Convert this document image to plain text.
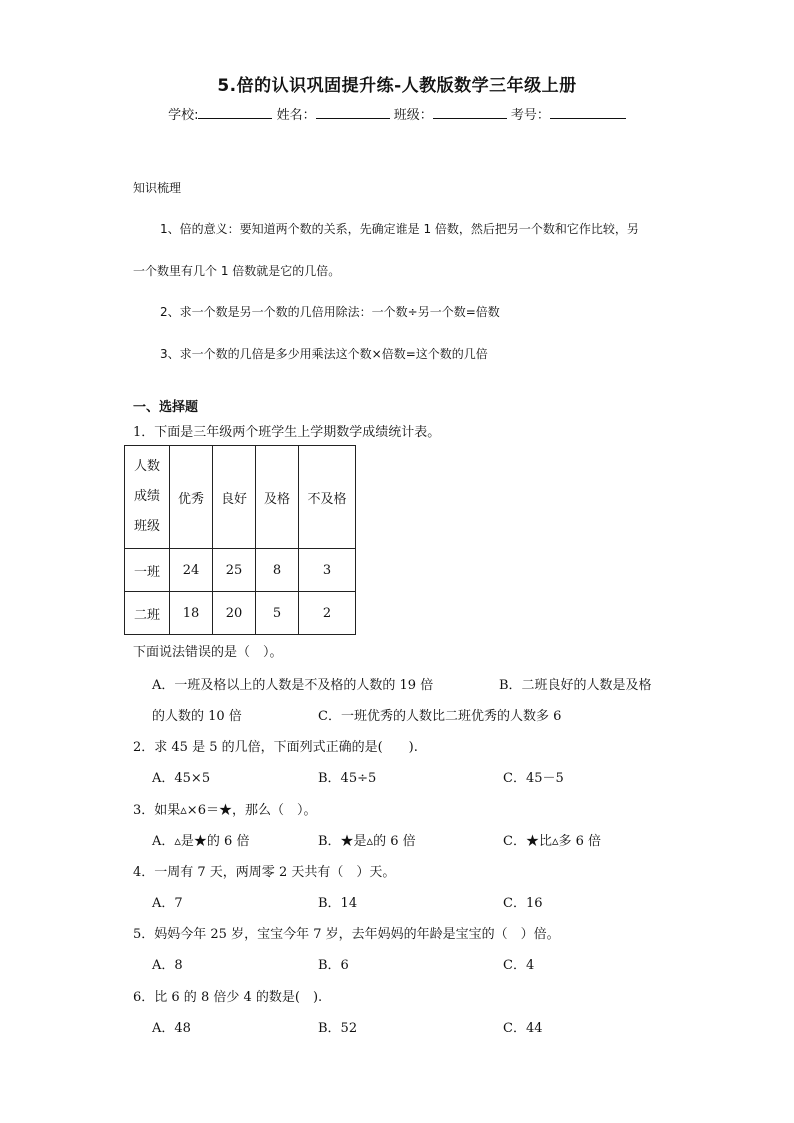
5.倍的认识巩固提升练-人教版数学三年级上册
学校:	姓名：	班级：	考号：
知识梳理
1、倍的意义：要知道两个数的关系，先确定谁是 1 倍数，然后把另一个数和它作比较，另
一个数里有几个 1 倍数就是它的几倍。
2、求一个数是另一个数的几倍用除法：一个数÷另一个数=倍数
3、求一个数的几倍是多少用乘法这个数×倍数=这个数的几倍
一、选择题
1．下面是三年级两个班学生上学期数学成绩统计表。
人数
成绩
班级	优秀	良好	及格	不及格
一班	24	25	8	3
二班	18	20	5	2
下面说法错误的是（　）。
A．一班及格以上的人数是不及格的人数的 19 倍	B．二班良好的人数是及格
的人数的 10 倍	C．一班优秀的人数比二班优秀的人数多 6
2．求 45 是 5 的几倍，下面列式正确的是(　　).
A．45×5	B．45÷5	C．45－5
3．如果▵×6＝★，那么（　）。
A．▵是★的 6 倍	B．★是▵的 6 倍	C．★比▵多 6 倍
4．一周有 7 天，两周零 2 天共有（　）天。
A．7	B．14	C．16
5．妈妈今年 25 岁，宝宝今年 7 岁，去年妈妈的年龄是宝宝的（　）倍。
A．8	B．6	C．4
6．比 6 的 8 倍少 4 的数是(　).
A．48	B．52	C．44
